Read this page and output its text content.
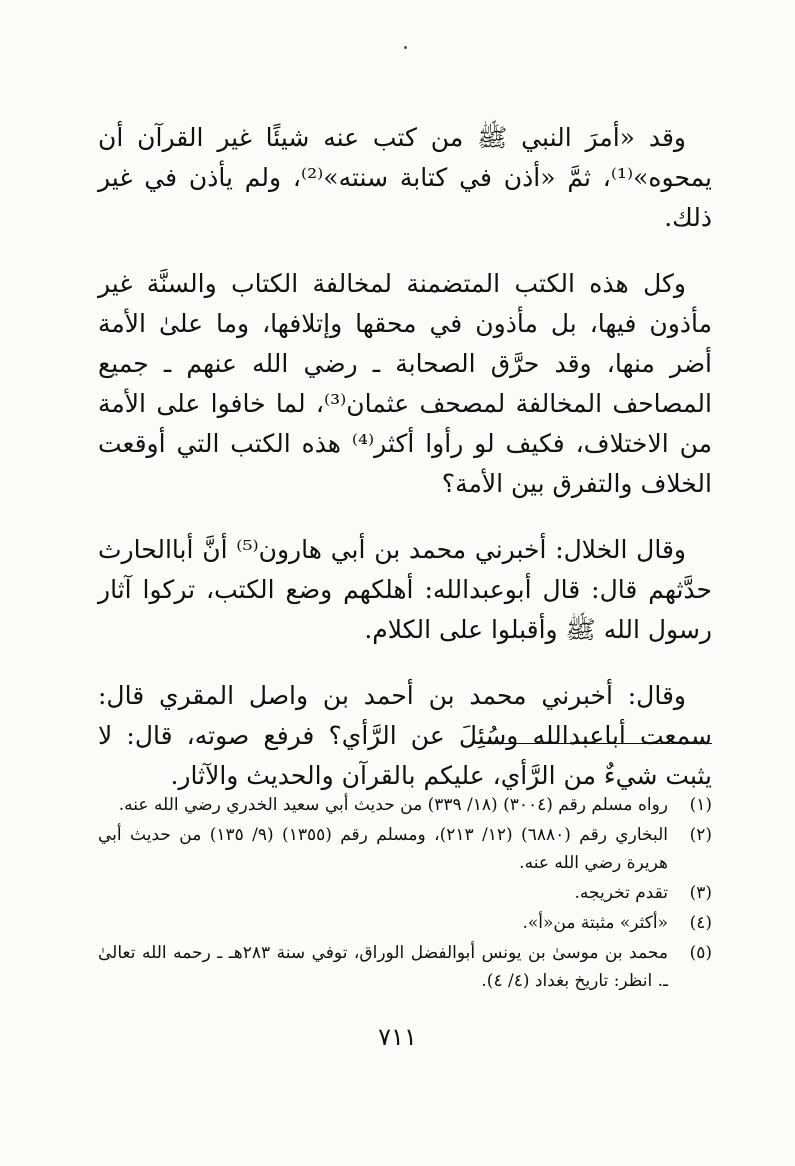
وقد «أمرَ النبي ﷺ من كتب عنه شيئًا غير القرآن أن يمحوه»⁽¹⁾، ثمَّ «أذن في كتابة سنته»⁽²⁾، ولم يأذن في غير ذلك.

وكل هذه الكتب المتضمنة لمخالفة الكتاب والسنَّة غير مأذون فيها، بل مأذون في محقها وإتلافها، وما علىٰ الأمة أضر منها، وقد حرَّق الصحابة ـ رضي الله عنهم ـ جميع المصاحف المخالفة لمصحف عثمان⁽³⁾، لما خافوا على الأمة من الاختلاف، فكيف لو رأوا أكثر⁽⁴⁾ هذه الكتب التي أوقعت الخلاف والتفرق بين الأمة؟

وقال الخلال: أخبرني محمد بن أبي هارون⁽⁵⁾ أنَّ أباالحارث حدَّثهم قال: قال أبوعبدالله: أهلكهم وضع الكتب، تركوا آثار رسول الله ﷺ وأقبلوا على الكلام.

وقال: أخبرني محمد بن أحمد بن واصل المقري قال: سمعت أباعبدالله وسُئِلَ عن الرَّأي؟ فرفع صوته، قال: لا يثبت شيءٌ من الرَّأي، عليكم بالقرآن والحديث والآثار.

(١)
رواه مسلم رقم (٣٠٠٤) (١٨/ ٣٣٩) من حديث أبي سعيد الخدري رضي الله عنه.
(٢)
البخاري رقم (٦٨٨٠) (١٢/ ٢١٣)، ومسلم رقم (١٣٥٥) (٩/ ١٣٥) من حديث أبي هريرة رضي الله عنه.
(٣)
تقدم تخريجه.
(٤)
«أكثر» مثبتة من«أ».
(٥)
محمد بن موسىٰ بن يونس أبوالفضل الوراق، توفي سنة ٢٨٣هـ ـ رحمه الله تعالىٰ ـ. انظر: تاريخ بغداد (٤/ ٤).
٧١١
